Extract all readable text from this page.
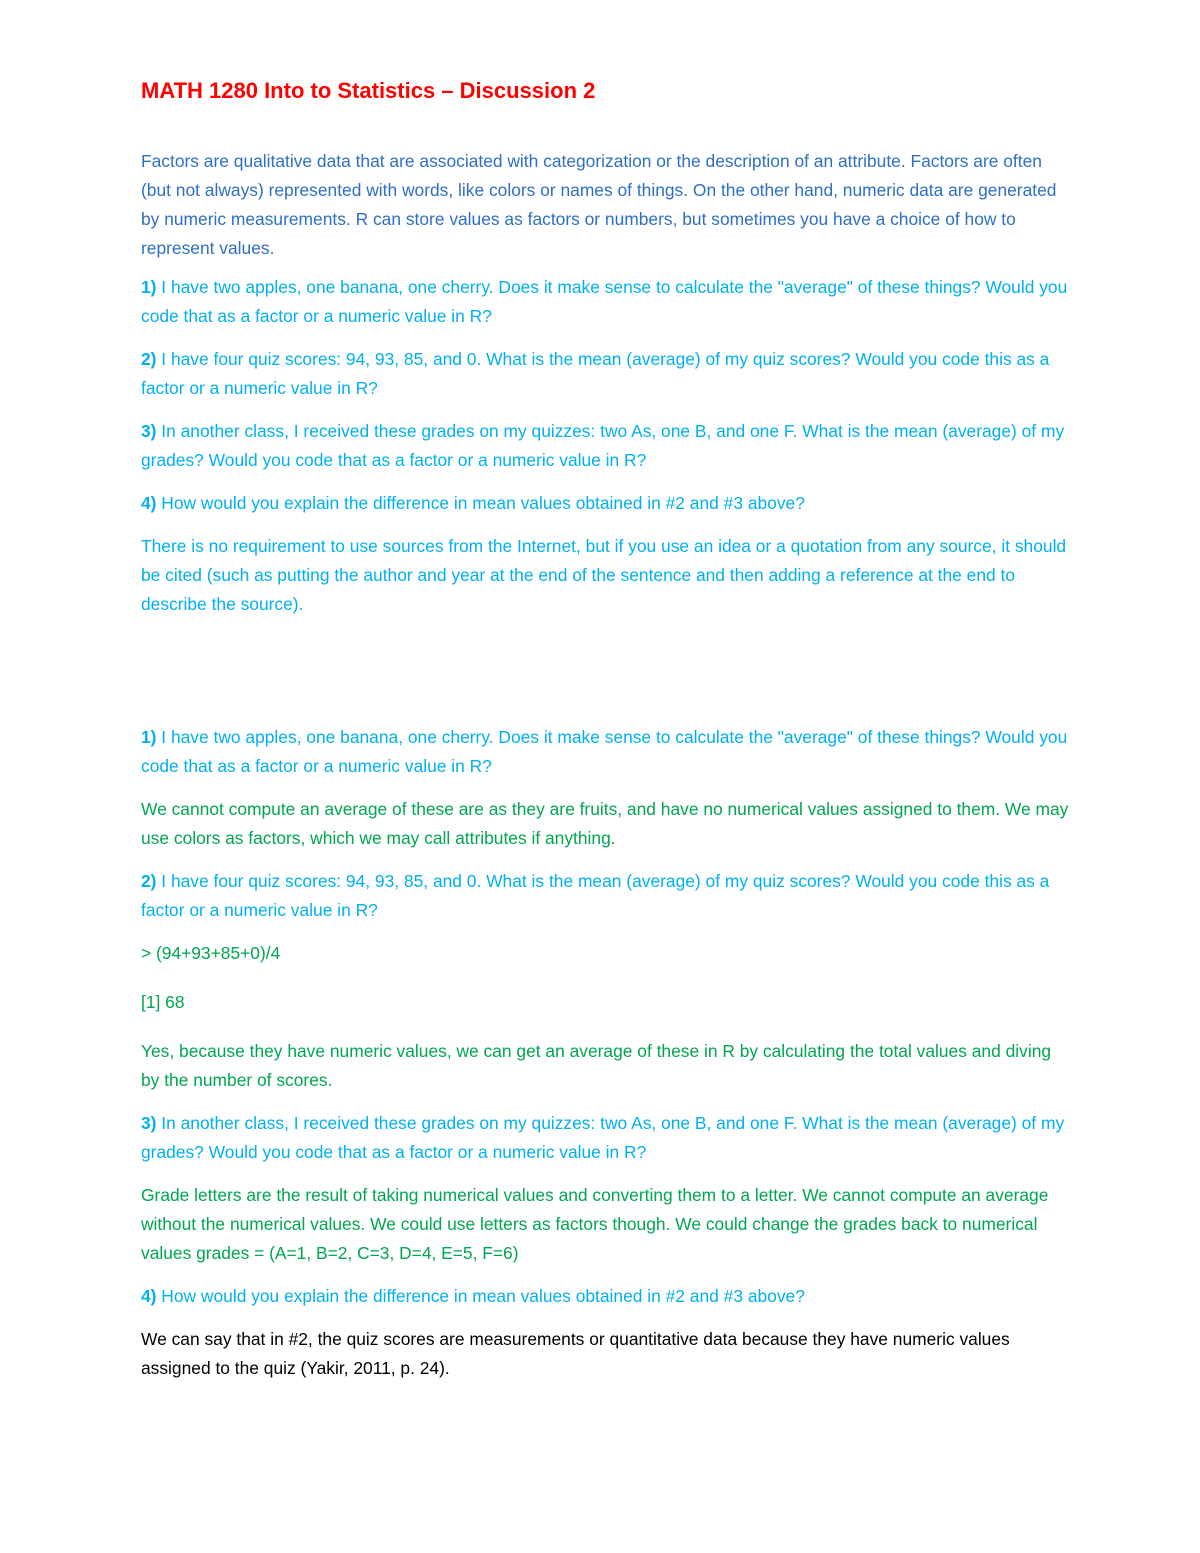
MATH 1280 Into to Statistics – Discussion 2

Factors are qualitative data that are associated with categorization or the description of an attribute. Factors are often (but not always) represented with words, like colors or names of things. On the other hand, numeric data are generated by numeric measurements. R can store values as factors or numbers, but sometimes you have a choice of how to represent values.

1) I have two apples, one banana, one cherry. Does it make sense to calculate the "average" of these things? Would you code that as a factor or a numeric value in R?

2) I have four quiz scores: 94, 93, 85, and 0. What is the mean (average) of my quiz scores? Would you code this as a factor or a numeric value in R?

3) In another class, I received these grades on my quizzes: two As, one B, and one F. What is the mean (average) of my grades? Would you code that as a factor or a numeric value in R?

4) How would you explain the difference in mean values obtained in #2 and #3 above?

There is no requirement to use sources from the Internet, but if you use an idea or a quotation from any source, it should be cited (such as putting the author and year at the end of the sentence and then adding a reference at the end to describe the source).

1) I have two apples, one banana, one cherry. Does it make sense to calculate the "average" of these things? Would you code that as a factor or a numeric value in R?

We cannot compute an average of these are as they are fruits, and have no numerical values assigned to them. We may use colors as factors, which we may call attributes if anything.

2) I have four quiz scores: 94, 93, 85, and 0. What is the mean (average) of my quiz scores? Would you code this as a factor or a numeric value in R?

> (94+93+85+0)/4

[1] 68

Yes, because they have numeric values, we can get an average of these in R by calculating the total values and diving by the number of scores.

3) In another class, I received these grades on my quizzes: two As, one B, and one F. What is the mean (average) of my grades? Would you code that as a factor or a numeric value in R?

Grade letters are the result of taking numerical values and converting them to a letter. We cannot compute an average without the numerical values. We could use letters as factors though. We could change the grades back to numerical values grades = (A=1, B=2, C=3, D=4, E=5, F=6)

4) How would you explain the difference in mean values obtained in #2 and #3 above?

We can say that in #2, the quiz scores are measurements or quantitative data because they have numeric values assigned to the quiz (Yakir, 2011, p. 24).
